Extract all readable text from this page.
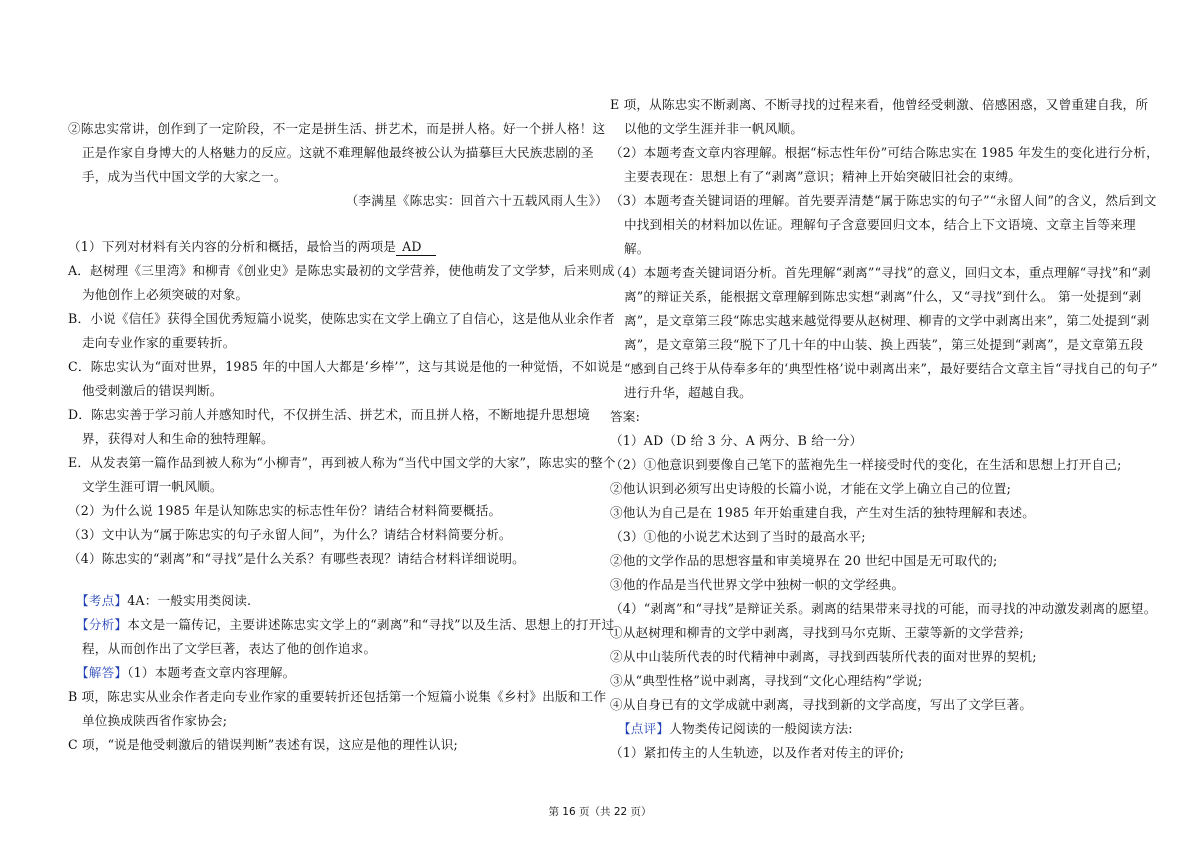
②陈忠实常讲，创作到了一定阶段，不一定是拼生活、拼艺术，而是拼人格。好一个拼人格！这
正是作家自身博大的人格魅力的反应。这就不难理解他最终被公认为描摹巨大民族悲剧的圣
手，成为当代中国文学的大家之一。
（李满星《陈忠实：回首六十五载风雨人生》）
（1）下列对材料有关内容的分析和概括，最恰当的两项是 AD
A．赵树理《三里湾》和柳青《创业史》是陈忠实最初的文学营养，使他萌发了文学梦，后来则成
为他创作上必须突破的对象。
B．小说《信任》获得全国优秀短篇小说奖，使陈忠实在文学上确立了自信心，这是他从业余作者
走向专业作家的重要转折。
C．陈忠实认为“面对世界，1985 年的中国人大都是‘乡棒’”，这与其说是他的一种觉悟，不如说是
他受刺激后的错误判断。
D．陈忠实善于学习前人并感知时代，不仅拼生活、拼艺术，而且拼人格，不断地提升思想境
界，获得对人和生命的独特理解。
E．从发表第一篇作品到被人称为“小柳青”，再到被人称为“当代中国文学的大家”，陈忠实的整个
文学生涯可谓一帆风顺。
（2）为什么说 1985 年是认知陈忠实的标志性年份？请结合材料简要概括。
（3）文中认为“属于陈忠实的句子永留人间”，为什么？请结合材料简要分析。
（4）陈忠实的“剥离”和“寻找”是什么关系？有哪些表现？请结合材料详细说明。
【考点】4A：一般实用类阅读.
【分析】本文是一篇传记，主要讲述陈忠实文学上的“剥离”和“寻找”以及生活、思想上的打开过
程，从而创作出了文学巨著，表达了他的创作追求。
【解答】（1）本题考查文章内容理解。
B 项，陈忠实从业余作者走向专业作家的重要转折还包括第一个短篇小说集《乡村》出版和工作
单位换成陕西省作家协会;
C 项，“说是他受刺激后的错误判断”表述有误，这应是他的理性认识;
E 项，从陈忠实不断剥离、不断寻找的过程来看，他曾经受刺激、倍感困惑，又曾重建自我，所
以他的文学生涯并非一帆风顺。
（2）本题考查文章内容理解。根据“标志性年份”可结合陈忠实在 1985 年发生的变化进行分析，
主要表现在：思想上有了“剥离”意识；精神上开始突破旧社会的束缚。
（3）本题考查关键词语的理解。首先要弄清楚“属于陈忠实的句子”“永留人间”的含义，然后到文
中找到相关的材料加以佐证。理解句子含意要回归文本，结合上下文语境、文章主旨等来理
解。
（4）本题考查关键词语分析。首先理解“剥离”“寻找”的意义，回归文本，重点理解“寻找”和“剥
离”的辩证关系，能根据文章理解到陈忠实想“剥离”什么，又“寻找”到什么。 第一处提到“剥
离”，是文章第三段“陈忠实越来越觉得要从赵树理、柳青的文学中剥离出来”，第二处提到“剥
离”，是文章第三段“脱下了几十年的中山装、换上西装”，第三处提到“剥离”，是文章第五段
“感到自己终于从侍奉多年的‘典型性格’说中剥离出来”，最好要结合文章主旨“寻找自己的句子”
进行升华，超越自我。
答案:
（1）AD（D 给 3 分、A 两分、B 给一分）
（2）①他意识到要像自己笔下的蓝袍先生一样接受时代的变化，在生活和思想上打开自己;
②他认识到必须写出史诗般的长篇小说，才能在文学上确立自己的位置;
③他认为自己是在 1985 年开始重建自我，产生对生活的独特理解和表述。
（3）①他的小说艺术达到了当时的最高水平;
②他的文学作品的思想容量和审美境界在 20 世纪中国是无可取代的;
③他的作品是当代世界文学中独树一帜的文学经典。
（4）“剥离”和“寻找”是辩证关系。剥离的结果带来寻找的可能，而寻找的冲动激发剥离的愿望。
①从赵树理和柳青的文学中剥离，寻找到马尔克斯、王蒙等新的文学营养;
②从中山装所代表的时代精神中剥离，寻找到西装所代表的面对世界的契机;
③从“典型性格”说中剥离，寻找到“文化心理结构”学说;
④从自身已有的文学成就中剥离，寻找到新的文学高度，写出了文学巨著。
【点评】人物类传记阅读的一般阅读方法:
（1）紧扣传主的人生轨迹，以及作者对传主的评价;
第 16 页（共 22 页）
